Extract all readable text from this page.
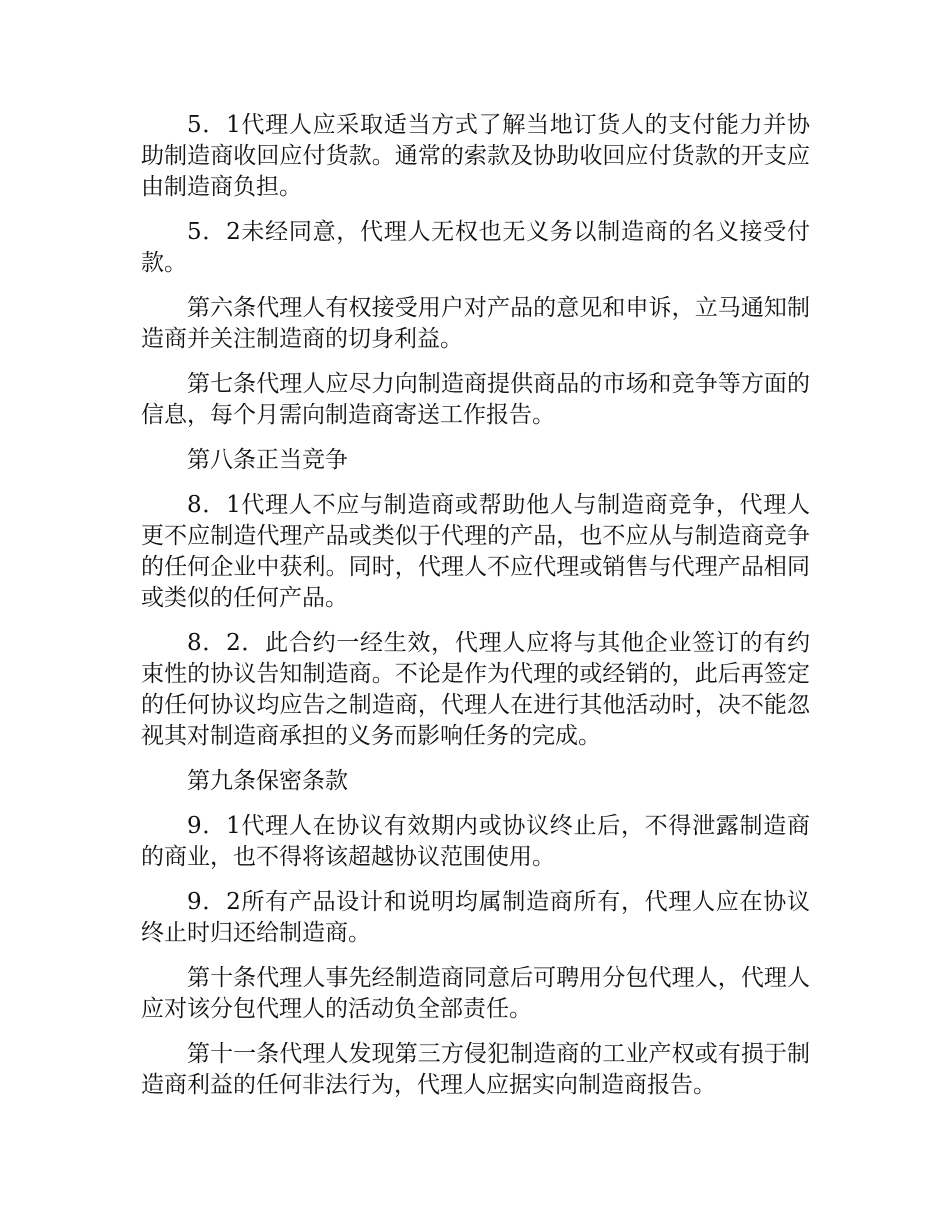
5．1代理人应采取适当方式了解当地订货人的支付能力并协助制造商收回应付货款。通常的索款及协助收回应付货款的开支应由制造商负担。

5．2未经同意，代理人无权也无义务以制造商的名义接受付款。

第六条代理人有权接受用户对产品的意见和申诉，立马通知制造商并关注制造商的切身利益。

第七条代理人应尽力向制造商提供商品的市场和竞争等方面的信息，每个月需向制造商寄送工作报告。

第八条正当竞争

8．1代理人不应与制造商或帮助他人与制造商竞争，代理人更不应制造代理产品或类似于代理的产品，也不应从与制造商竞争的任何企业中获利。同时，代理人不应代理或销售与代理产品相同或类似的任何产品。

8．2．此合约一经生效，代理人应将与其他企业签订的有约束性的协议告知制造商。不论是作为代理的或经销的，此后再签定的任何协议均应告之制造商，代理人在进行其他活动时，决不能忽视其对制造商承担的义务而影响任务的完成。

第九条保密条款

9．1代理人在协议有效期内或协议终止后，不得泄露制造商的商业，也不得将该超越协议范围使用。

9．2所有产品设计和说明均属制造商所有，代理人应在协议终止时归还给制造商。

第十条代理人事先经制造商同意后可聘用分包代理人，代理人应对该分包代理人的活动负全部责任。

第十一条代理人发现第三方侵犯制造商的工业产权或有损于制造商利益的任何非法行为，代理人应据实向制造商报告。
